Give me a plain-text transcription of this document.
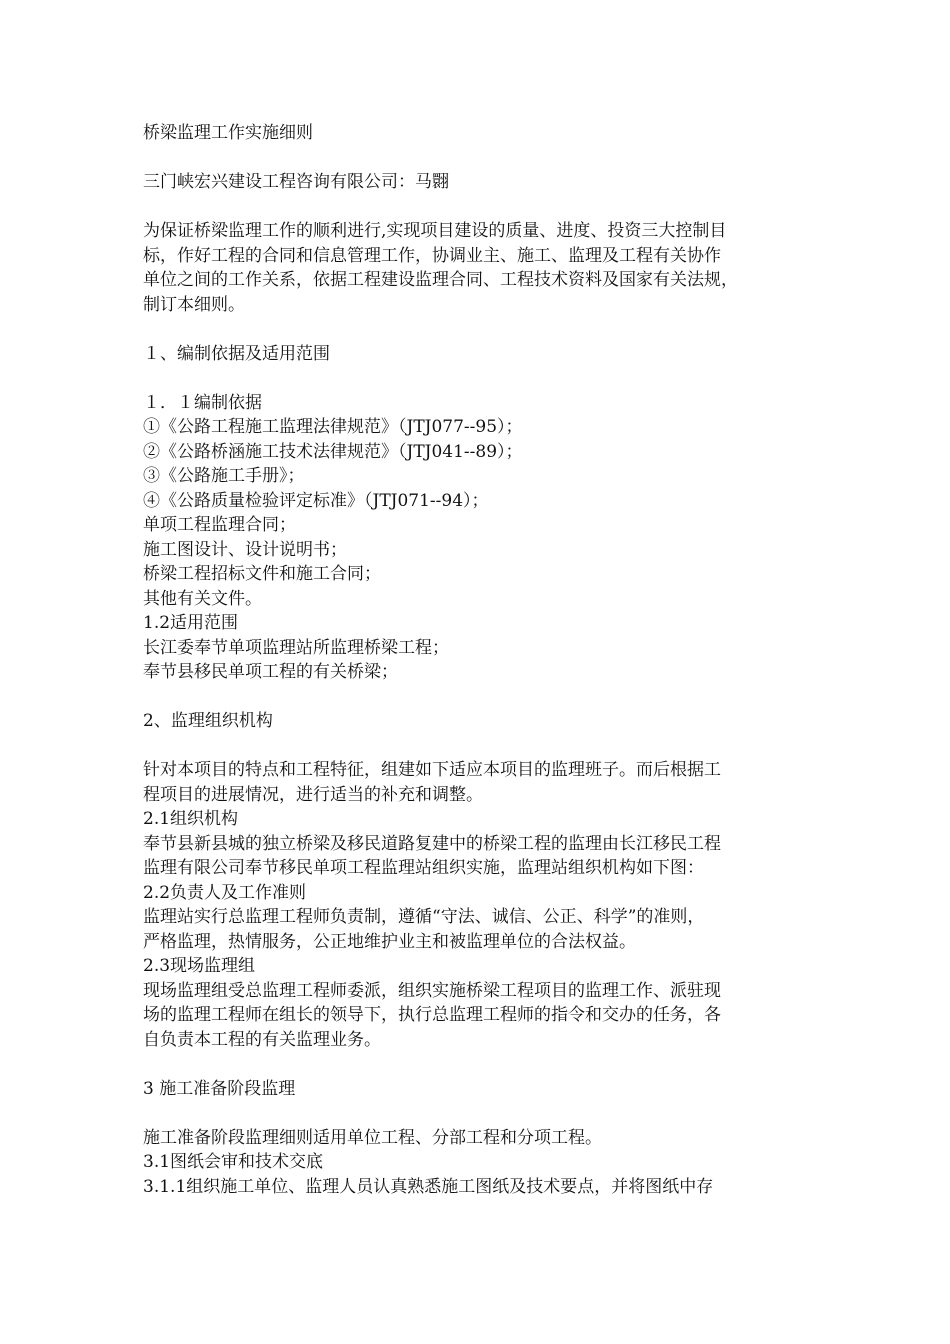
桥梁监理工作实施细则
三门峡宏兴建设工程咨询有限公司：马翾
为保证桥梁监理工作的顺利进行,实现项目建设的质量、进度、投资三大控制目
标，作好工程的合同和信息管理工作，协调业主、施工、监理及工程有关协作
单位之间的工作关系，依据工程建设监理合同、工程技术资料及国家有关法规，
制订本细则。
１、编制依据及适用范围
１．１编制依据
①《公路工程施工监理法律规范》（JTJ077--95）；
②《公路桥涵施工技术法律规范》（JTJ041--89）；
③《公路施工手册》；
④《公路质量检验评定标准》（JTJ071--94）；
单项工程监理合同；
施工图设计、设计说明书；
桥梁工程招标文件和施工合同；
其他有关文件。
1.2适用范围
长江委奉节单项监理站所监理桥梁工程；
奉节县移民单项工程的有关桥梁；
2、监理组织机构
针对本项目的特点和工程特征，组建如下适应本项目的监理班子。而后根据工
程项目的进展情况，进行适当的补充和调整。
2.1组织机构
奉节县新县城的独立桥梁及移民道路复建中的桥梁工程的监理由长江移民工程
监理有限公司奉节移民单项工程监理站组织实施，监理站组织机构如下图：
2.2负责人及工作准则
监理站实行总监理工程师负责制，遵循“守法、诚信、公正、科学”的准则，
严格监理，热情服务，公正地维护业主和被监理单位的合法权益。
2.3现场监理组
现场监理组受总监理工程师委派，组织实施桥梁工程项目的监理工作、派驻现
场的监理工程师在组长的领导下，执行总监理工程师的指令和交办的任务，各
自负责本工程的有关监理业务。
3 施工准备阶段监理
施工准备阶段监理细则适用单位工程、分部工程和分项工程。
3.1图纸会审和技术交底
3.1.1组织施工单位、监理人员认真熟悉施工图纸及技术要点，并将图纸中存
